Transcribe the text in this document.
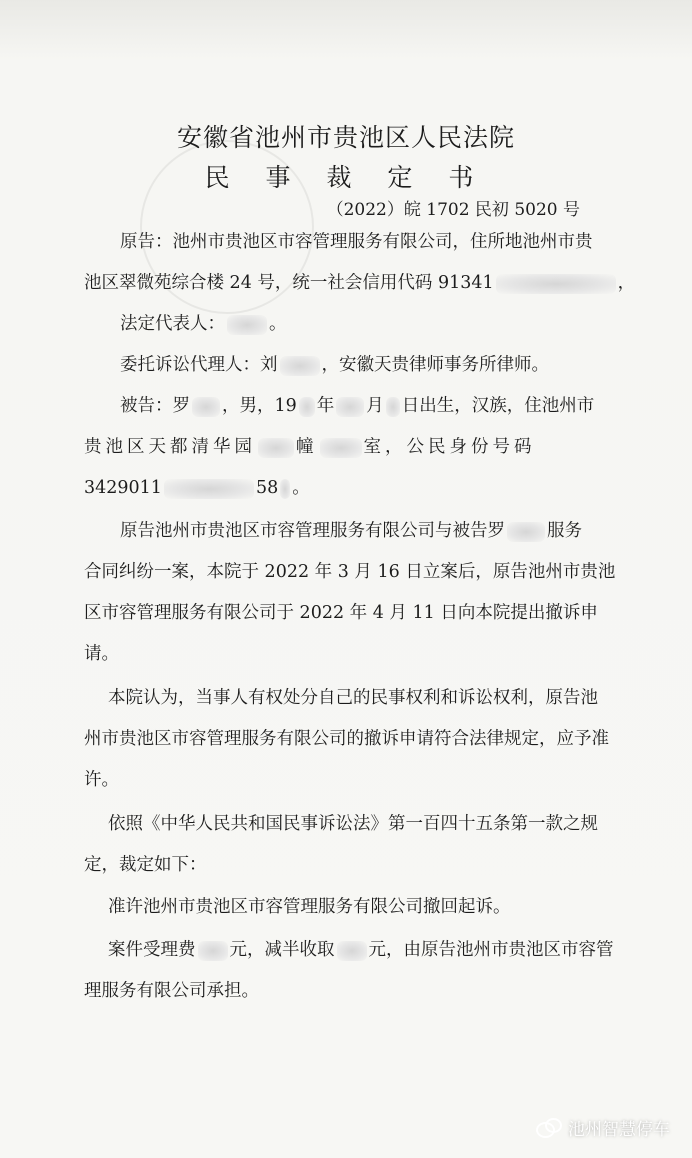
安徽省池州市贵池区人民法院
民 事 裁 定 书
（2022）皖 1702 民初 5020 号
原告：池州市贵池区市容管理服务有限公司，住所地池州市贵
池区翠微苑综合楼 24 号，统一社会信用代码 91341	，
法定代表人：	。
委托诉讼代理人：刘	，安徽天贵律师事务所律师。
被告：罗 ，男，19 年 月 日出生，汉族，住池州市
贵池区天都清华园 幢	室，公民身份号码
3429011	58 。
原告池州市贵池区市容管理服务有限公司与被告罗 服务
合同纠纷一案，本院于 2022 年 3 月 16 日立案后，原告池州市贵池
区市容管理服务有限公司于 2022 年 4 月 11 日向本院提出撤诉申
请。
本院认为，当事人有权处分自己的民事权利和诉讼权利，原告池
州市贵池区市容管理服务有限公司的撤诉申请符合法律规定，应予准
许。
依照《中华人民共和国民事诉讼法》第一百四十五条第一款之规
定，裁定如下：
准许池州市贵池区市容管理服务有限公司撤回起诉。
案件受理费 元，减半收取 元，由原告池州市贵池区市容管
理服务有限公司承担。
池州智慧停车
